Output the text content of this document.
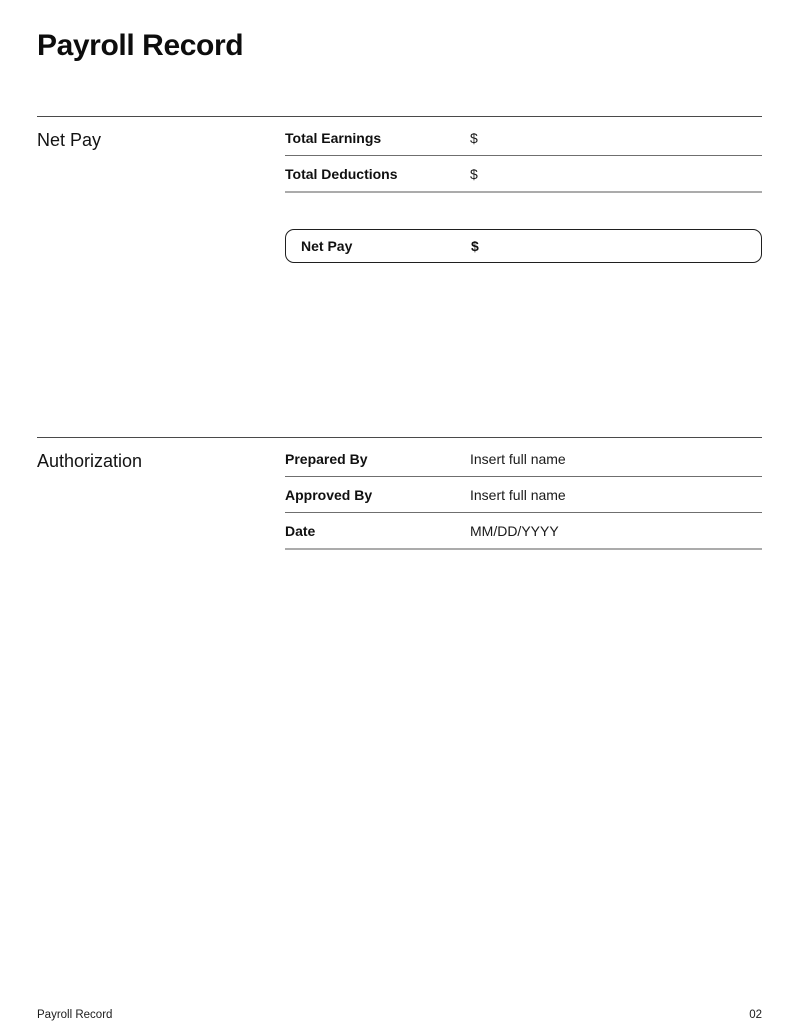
Payroll Record
Net Pay	Total Earnings	$
Total Deductions	$
Net Pay	$
Authorization	Prepared By	Insert full name
Approved By	Insert full name
Date	MM/DD/YYYY
Payroll Record	02
